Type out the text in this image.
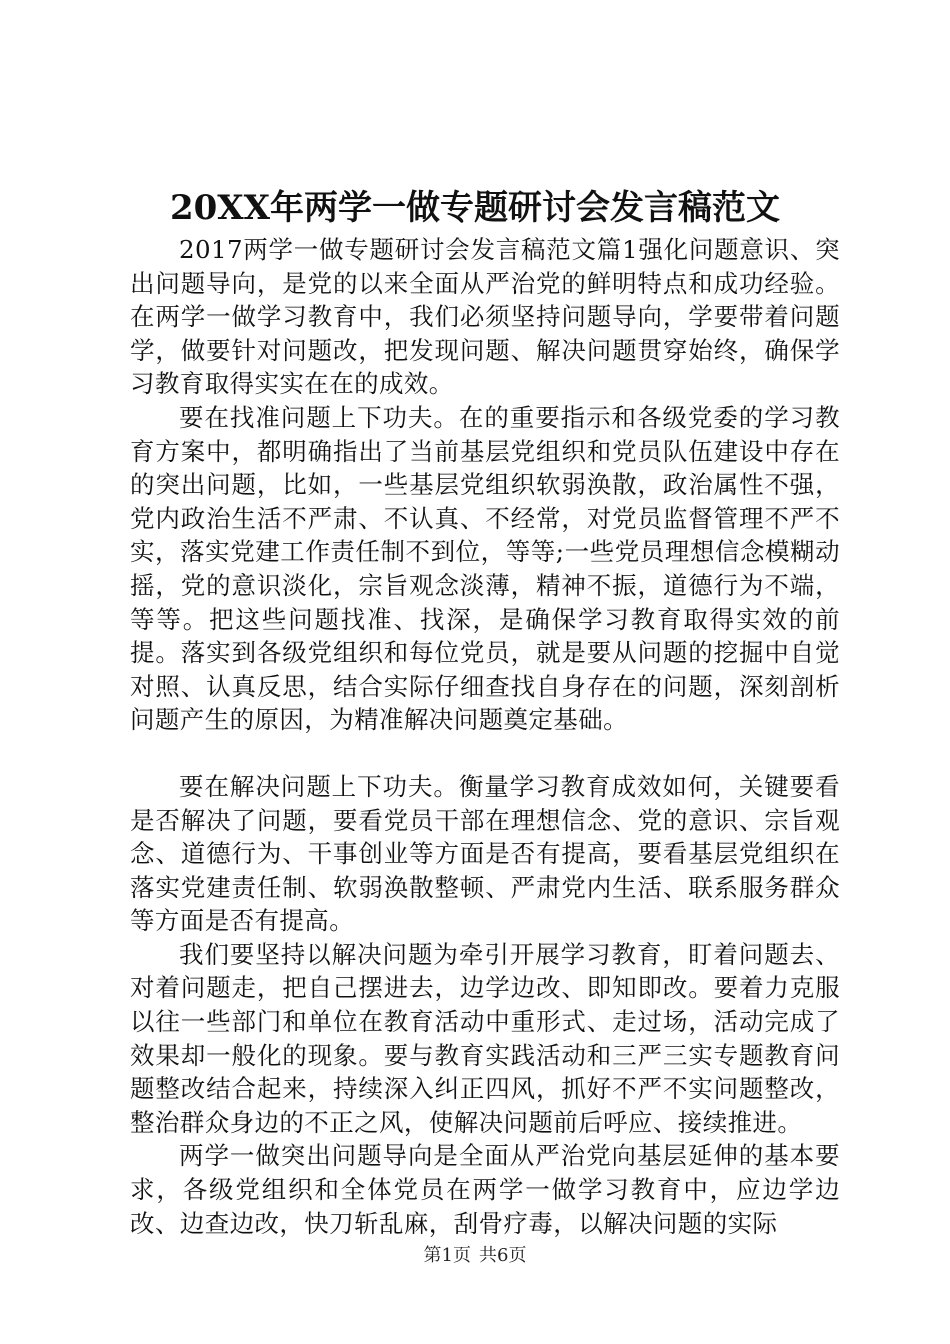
20XX年两学一做专题研讨会发言稿范文

2017两学一做专题研讨会发言稿范文篇1强化问题意识、突出问题导向，是党的以来全面从严治党的鲜明特点和成功经验。在两学一做学习教育中，我们必须坚持问题导向，学要带着问题学，做要针对问题改，把发现问题、解决问题贯穿始终，确保学习教育取得实实在在的成效。

要在找准问题上下功夫。在的重要指示和各级党委的学习教育方案中，都明确指出了当前基层党组织和党员队伍建设中存在的突出问题，比如，一些基层党组织软弱涣散，政治属性不强，党内政治生活不严肃、不认真、不经常，对党员监督管理不严不实，落实党建工作责任制不到位，等等;一些党员理想信念模糊动摇，党的意识淡化，宗旨观念淡薄，精神不振，道德行为不端，等等。把这些问题找准、找深，是确保学习教育取得实效的前提。落实到各级党组织和每位党员，就是要从问题的挖掘中自觉对照、认真反思，结合实际仔细查找自身存在的问题，深刻剖析问题产生的原因，为精准解决问题奠定基础。

要在解决问题上下功夫。衡量学习教育成效如何，关键要看是否解决了问题，要看党员干部在理想信念、党的意识、宗旨观念、道德行为、干事创业等方面是否有提高，要看基层党组织在落实党建责任制、软弱涣散整顿、严肃党内生活、联系服务群众等方面是否有提高。

我们要坚持以解决问题为牵引开展学习教育，盯着问题去、对着问题走，把自己摆进去，边学边改、即知即改。要着力克服以往一些部门和单位在教育活动中重形式、走过场，活动完成了效果却一般化的现象。要与教育实践活动和三严三实专题教育问题整改结合起来，持续深入纠正四风，抓好不严不实问题整改，整治群众身边的不正之风，使解决问题前后呼应、接续推进。

两学一做突出问题导向是全面从严治党向基层延伸的基本要求，各级党组织和全体党员在两学一做学习教育中，应边学边改、边查边改，快刀斩乱麻，刮骨疗毒，以解决问题的实际

第1页 共6页
